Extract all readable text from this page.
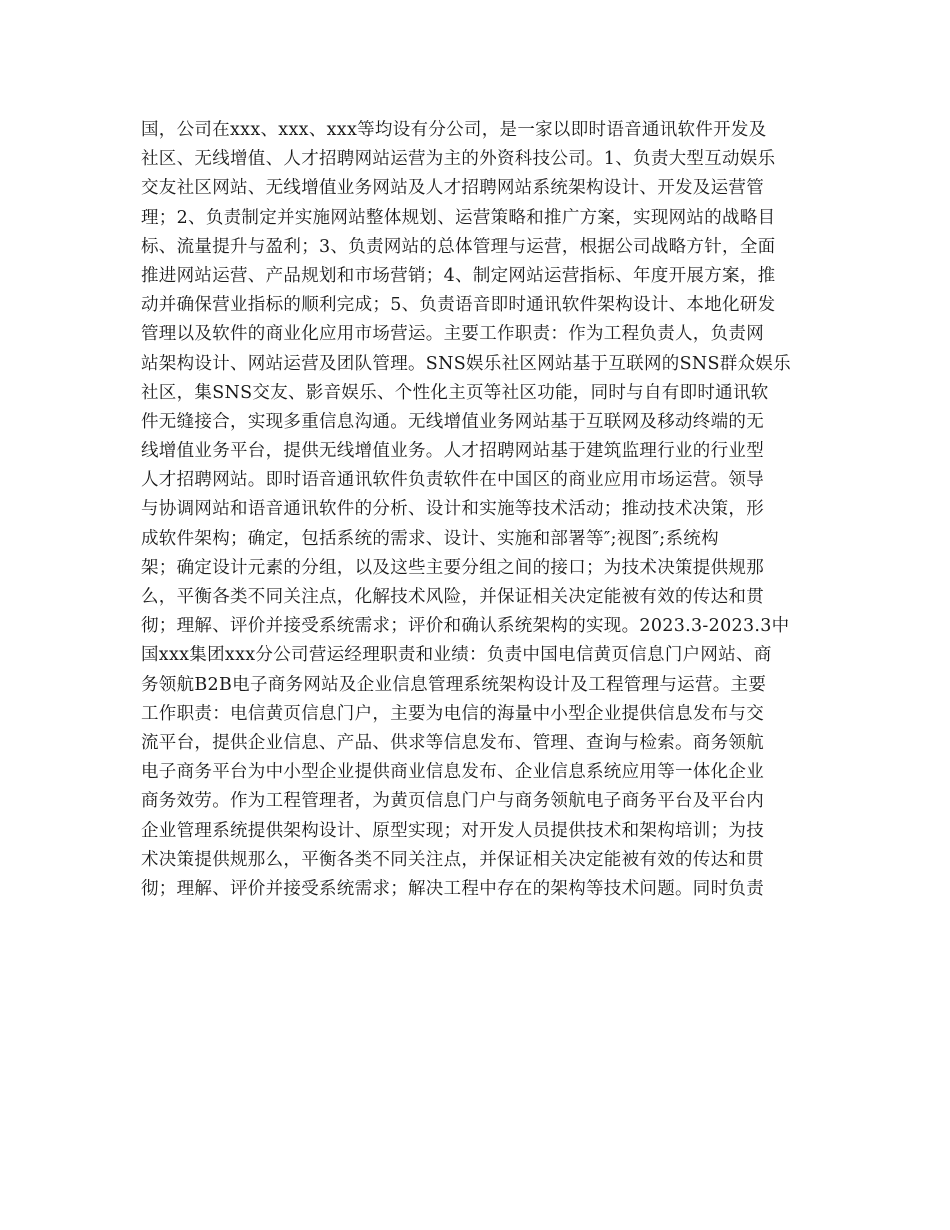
国，公司在xxx、xxx、xxx等均设有分公司，是一家以即时语音通讯软件开发及
社区、无线增值、人才招聘网站运营为主的外资科技公司。1、负责大型互动娱乐
交友社区网站、无线增值业务网站及人才招聘网站系统架构设计、开发及运营管
理；2、负责制定并实施网站整体规划、运营策略和推广方案，实现网站的战略目
标、流量提升与盈利；3、负责网站的总体管理与运营，根据公司战略方针，全面
推进网站运营、产品规划和市场营销；4、制定网站运营指标、年度开展方案，推
动并确保营业指标的顺利完成；5、负责语音即时通讯软件架构设计、本地化研发
管理以及软件的商业化应用市场营运。主要工作职责：作为工程负责人，负责网
站架构设计、网站运营及团队管理。SNS娱乐社区网站基于互联网的SNS群众娱乐
社区，集SNS交友、影音娱乐、个性化主页等社区功能，同时与自有即时通讯软
件无缝接合，实现多重信息沟通。无线增值业务网站基于互联网及移动终端的无
线增值业务平台，提供无线增值业务。人才招聘网站基于建筑监理行业的行业型
人才招聘网站。即时语音通讯软件负责软件在中国区的商业应用市场运营。领导
与协调网站和语音通讯软件的分析、设计和实施等技术活动；推动技术决策，形
成软件架构；确定，包括系统的需求、设计、实施和部署等″;视图″;系统构
架；确定设计元素的分组，以及这些主要分组之间的接口；为技术决策提供规那
么，平衡各类不同关注点，化解技术风险，并保证相关决定能被有效的传达和贯
彻；理解、评价并接受系统需求；评价和确认系统架构的实现。2023.3-2023.3中
国xxx集团xxx分公司营运经理职责和业绩：负责中国电信黄页信息门户网站、商
务领航B2B电子商务网站及企业信息管理系统架构设计及工程管理与运营。主要
工作职责：电信黄页信息门户，主要为电信的海量中小型企业提供信息发布与交
流平台，提供企业信息、产品、供求等信息发布、管理、查询与检索。商务领航
电子商务平台为中小型企业提供商业信息发布、企业信息系统应用等一体化企业
商务效劳。作为工程管理者，为黄页信息门户与商务领航电子商务平台及平台内
企业管理系统提供架构设计、原型实现；对开发人员提供技术和架构培训；为技
术决策提供规那么，平衡各类不同关注点，并保证相关决定能被有效的传达和贯
彻；理解、评价并接受系统需求；解决工程中存在的架构等技术问题。同时负责
